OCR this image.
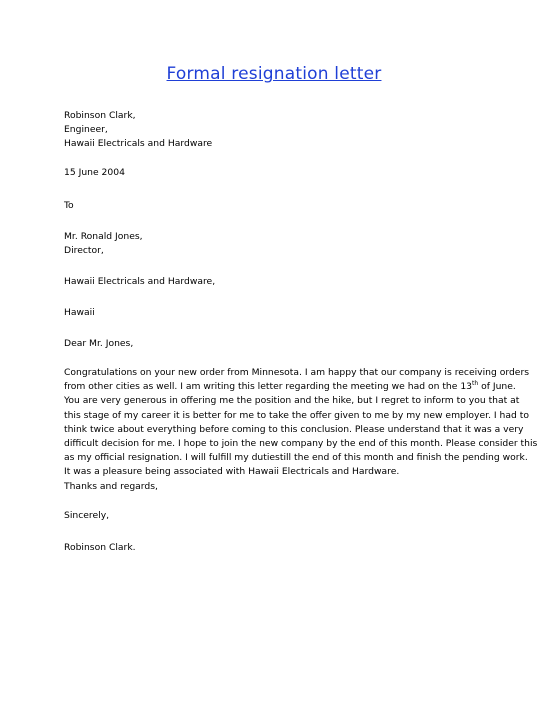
Formal resignation letter
Robinson Clark,
Engineer,
Hawaii Electricals and Hardware
15 June 2004
To
Mr. Ronald Jones,
Director,
Hawaii Electricals and Hardware,
Hawaii
Dear Mr. Jones,
Congratulations on your new order from Minnesota. I am happy that our company is receiving orders
from other cities as well. I am writing this letter regarding the meeting we had on the 13th of June.
You are very generous in offering me the position and the hike, but I regret to inform to you that at
this stage of my career it is better for me to take the offer given to me by my new employer. I had to
think twice about everything before coming to this conclusion. Please understand that it was a very
difficult decision for me. I hope to join the new company by the end of this month. Please consider this
as my official resignation. I will fulfill my dutiestill the end of this month and finish the pending work.
It was a pleasure being associated with Hawaii Electricals and Hardware.
Thanks and regards,
Sincerely,
Robinson Clark.
